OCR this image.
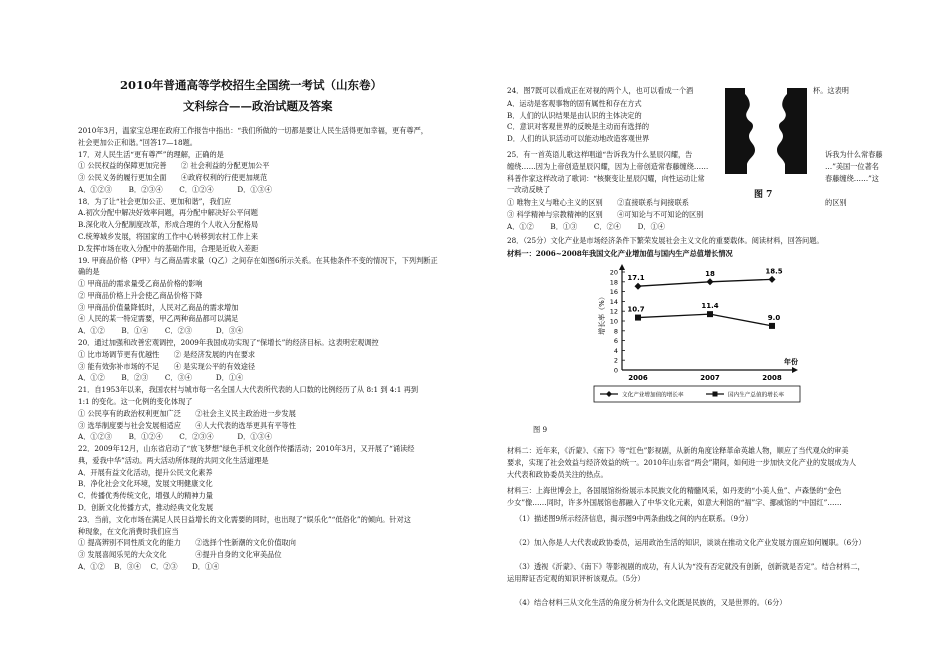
2010年普通高等学校招生全国统一考试（山东卷）
文科综合——政治试题及答案
2010年3月，温家宝总理在政府工作报告中指出：“我们所做的一切都是要让人民生活得更加幸福，更有尊严，
社会更加公正和谐。”回答17—18题。
17．对人民生活“更有尊严”的理解，正确的是
① 公民权益的保障更加完善　　② 社会利益的分配更加公平
③ 公民义务的履行更加全面　　④政府权利的行使更加规范
A．①②③　　 B．②③④　　 C．①②④　　　 D．①③④
18．为了让“社会更加公正、更加和谐”，我们应
A.初次分配中解决好效率问题，再分配中解决好公平问题
B.深化收入分配制度改革，形成合理的个人收入分配格局
C.统筹城乡发展，将国家的工作中心转移到农村工作上来
D.发挥市场在收入分配中的基础作用，合理是近收入差距
19. 甲商品价格（P甲）与乙商品需求量（Q乙）之间存在如图6所示关系。在其他条件不变的情况下，下列判断正
确的是
① 甲商品的需求量受乙商品价格的影响
② 甲商品价格上升会使乙商品价格下降
③ 甲商品价值量降低时，人民对乙商品的需求增加
④ 人民的某一特定需要，甲乙两种商品都可以满足
A．①②　　 B．①④　　 C．②③　　　 D．③④
20．通过加强和改善宏观调控，2009年我国成功实现了“保增长”的经济目标。这表明宏观调控
① 比市场调节更有优越性　　② 是经济发展的内在要求
③ 能有效弥补市场的不足　　④ 是实现公平的有效途径
A．①②　　 B．②③　　 C．③④　　　 D．①④
21．自1953年以来，我国农村与城市每一名全国人大代表所代表的人口数的比例经历了从 8:1 到 4:1 再到
1:1 的变化。这一化例的变化体现了
① 公民享有的政治权利更加广泛　　②社会主义民主政治进一步发展
③ 选举制度要与社会发展相适应　　④人大代表的选举更具有平等性
A．①②③　　 B．①②④　　 C．②③④　　　 D．①③④
22．2009年12月，山东省启动了“放飞梦想”绿色手机文化创作传播活动；2010年3月，又开展了“诵读经
典，爱我中华”活动。两大活动所体现的共同文化生活道理是
A．开展有益文化活动，提升公民文化素养
B．净化社会文化环境，发展文明健康文化
C．传播优秀传统文化，增强人的精神力量
D．创新文化传播方式，推动经典文化发展
23．当前，文化市场在满足人民日益增长的文化需要的同时，也出现了“娱乐化”“低俗化”的倾向。针对这
种现象，在文化消费时我们应当
① 提高辨别不同性质文化的能力　　②选择个性新潮的文化价值取向
③ 发展喜闻乐见的大众文化　　　　④提升自身的文化审美品位
A．①②　 B．③④　 C．②③　　D．①④
24．图7既可以看成正在对视的两个人，也可以看成一个酒	杯。这表明
A．运动是客观事物的固有属性和存在方式
B．人们的认识结果是由认识的主体决定的
C．意识对客观世界的反映是主动而有选择的
D．人们的认识活动可以能动地改造客观世界
25．有一首英语儿歌这样唱道“告诉我为什么星辰闪耀，告
缠绕……因为上帝创造星辰闪耀，因为上帝创造常春藤缠绕……
科普作家这样改动了歌词：“核聚变让星辰闪耀，向性运动让常
一改动反映了
诉我为什么常春藤
…”美国一位著名
春藤缠绕……”这
① 唯物主义与唯心主义的区别　　②直接联系与间接联系
③ 科学精神与宗教精神的区别　　④可知论与不可知论的区别
A．①②　　 B．①③　　 C．②④　　 D．①④
的区别
28．（25分）文化产业是市场经济条件下繁荣发展社会主义文化的重要载体。阅读材料，回答问题。
材料一：2006~2008年我国文化产业增加值与国内生产总值增长情况
图 9
材料二：近年来，《沂蒙》、《南下》等“红色”影视剧，从新的角度诠释革命英雄人物，顺应了当代观众的审美
要求，实现了社会效益与经济效益的统一。2010年山东省“两会”期间，如何进一步加快文化产业的发展成为人
大代表和政协委员关注的热点。
材料三：上海世博会上，各国展馆纷纷展示本民族文化的精髓风采，如丹麦的“小美人鱼”、卢森堡的“金色
少女”像……同时，许多外国展馆也都融入了中华文化元素，如意大利馆的“福”字、挪威馆的“中国红”……
（1）描述图9所示经济信息，揭示图9中两条曲线之间的内在联系。（9分）
（2）加入你是人大代表或政协委员，运用政治生活的知识，谈谈在推动文化产业发展方面应如何履职。（6分）
（3）透视《沂蒙》、《南下》等影视剧的成功，有人认为“没有否定就没有创新，创新就是否定”。结合材料二，
运用辩证否定观的知识评析该观点。（5分）
（4）结合材料三从文化生活的角度分析为什么文化既是民族的，又是世界的。（6分）
图 7
20
18
16
14
12
10
8
6
4
2
0
增长率（%）
年份
2006	2007	2008
17.1
18	18.5
10.7	11.4
9.0
文化产业增加值的增长率	国内生产总值的增长率
